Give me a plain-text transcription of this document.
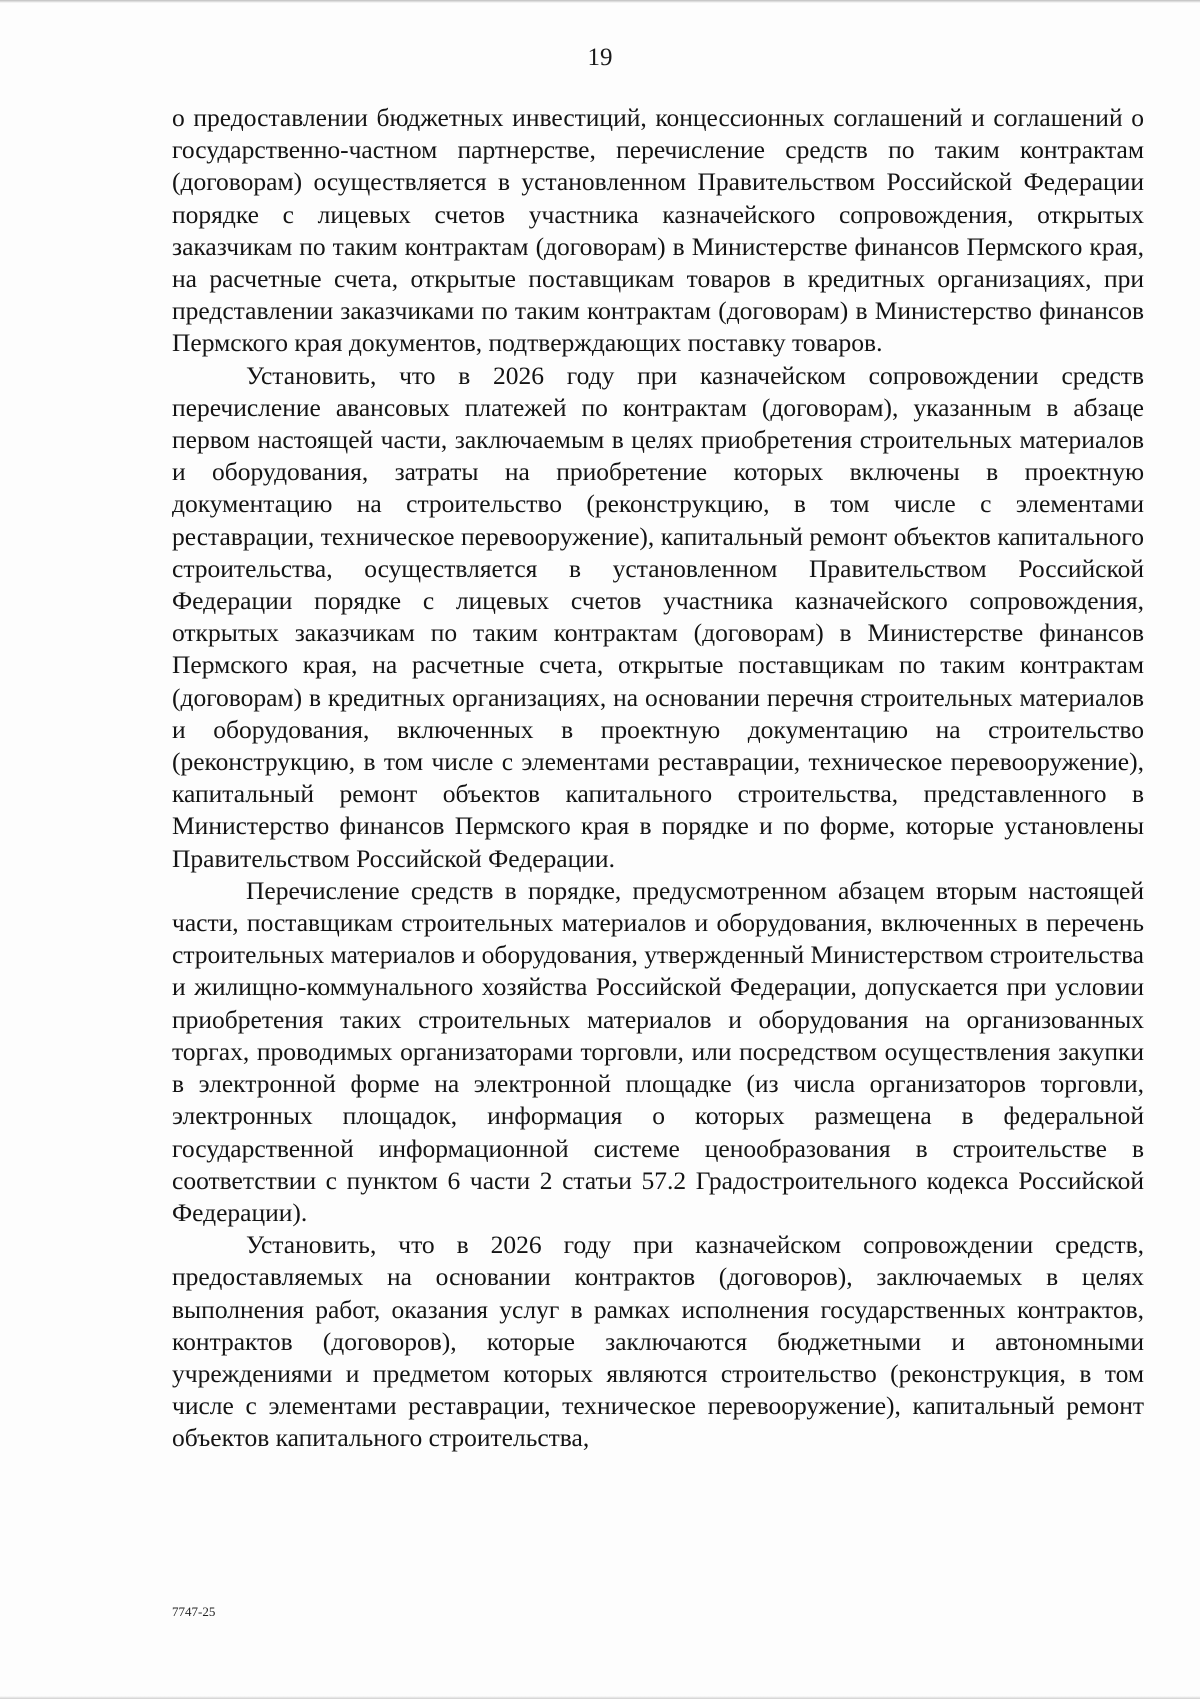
19

о предоставлении бюджетных инвестиций, концессионных соглашений и соглашений о государственно-частном партнерстве, перечисление средств по таким контрактам (договорам) осуществляется в установленном Правительством Российской Федерации порядке с лицевых счетов участника казначейского сопровождения, открытых заказчикам по таким контрактам (договорам) в Министерстве финансов Пермского края, на расчетные счета, открытые поставщикам товаров в кредитных организациях, при представлении заказчиками по таким контрактам (договорам) в Министерство финансов Пермского края документов, подтверждающих поставку товаров.

Установить, что в 2026 году при казначейском сопровождении средств перечисление авансовых платежей по контрактам (договорам), указанным в абзаце первом настоящей части, заключаемым в целях приобретения строительных материалов и оборудования, затраты на приобретение которых включены в проектную документацию на строительство (реконструкцию, в том числе с элементами реставрации, техническое перевооружение), капитальный ремонт объектов капитального строительства, осуществляется в установленном Правительством Российской Федерации порядке с лицевых счетов участника казначейского сопровождения, открытых заказчикам по таким контрактам (договорам) в Министерстве финансов Пермского края, на расчетные счета, открытые поставщикам по таким контрактам (договорам) в кредитных организациях, на основании перечня строительных материалов и оборудования, включенных в проектную документацию на строительство (реконструкцию, в том числе с элементами реставрации, техническое перевооружение), капитальный ремонт объектов капитального строительства, представленного в Министерство финансов Пермского края в порядке и по форме, которые установлены Правительством Российской Федерации.

Перечисление средств в порядке, предусмотренном абзацем вторым настоящей части, поставщикам строительных материалов и оборудования, включенных в перечень строительных материалов и оборудования, утвержденный Министерством строительства и жилищно-коммунального хозяйства Российской Федерации, допускается при условии приобретения таких строительных материалов и оборудования на организованных торгах, проводимых организаторами торговли, или посредством осуществления закупки в электронной форме на электронной площадке (из числа организаторов торговли, электронных площадок, информация о которых размещена в федеральной государственной информационной системе ценообразования в строительстве в соответствии с пунктом 6 части 2 статьи 57.2 Градостроительного кодекса Российской Федерации).

Установить, что в 2026 году при казначейском сопровождении средств, предоставляемых на основании контрактов (договоров), заключаемых в целях выполнения работ, оказания услуг в рамках исполнения государственных контрактов, контрактов (договоров), которые заключаются бюджетными и автономными учреждениями и предметом которых являются строительство (реконструкция, в том числе с элементами реставрации, техническое перевооружение), капитальный ремонт объектов капитального строительства,

7747-25
